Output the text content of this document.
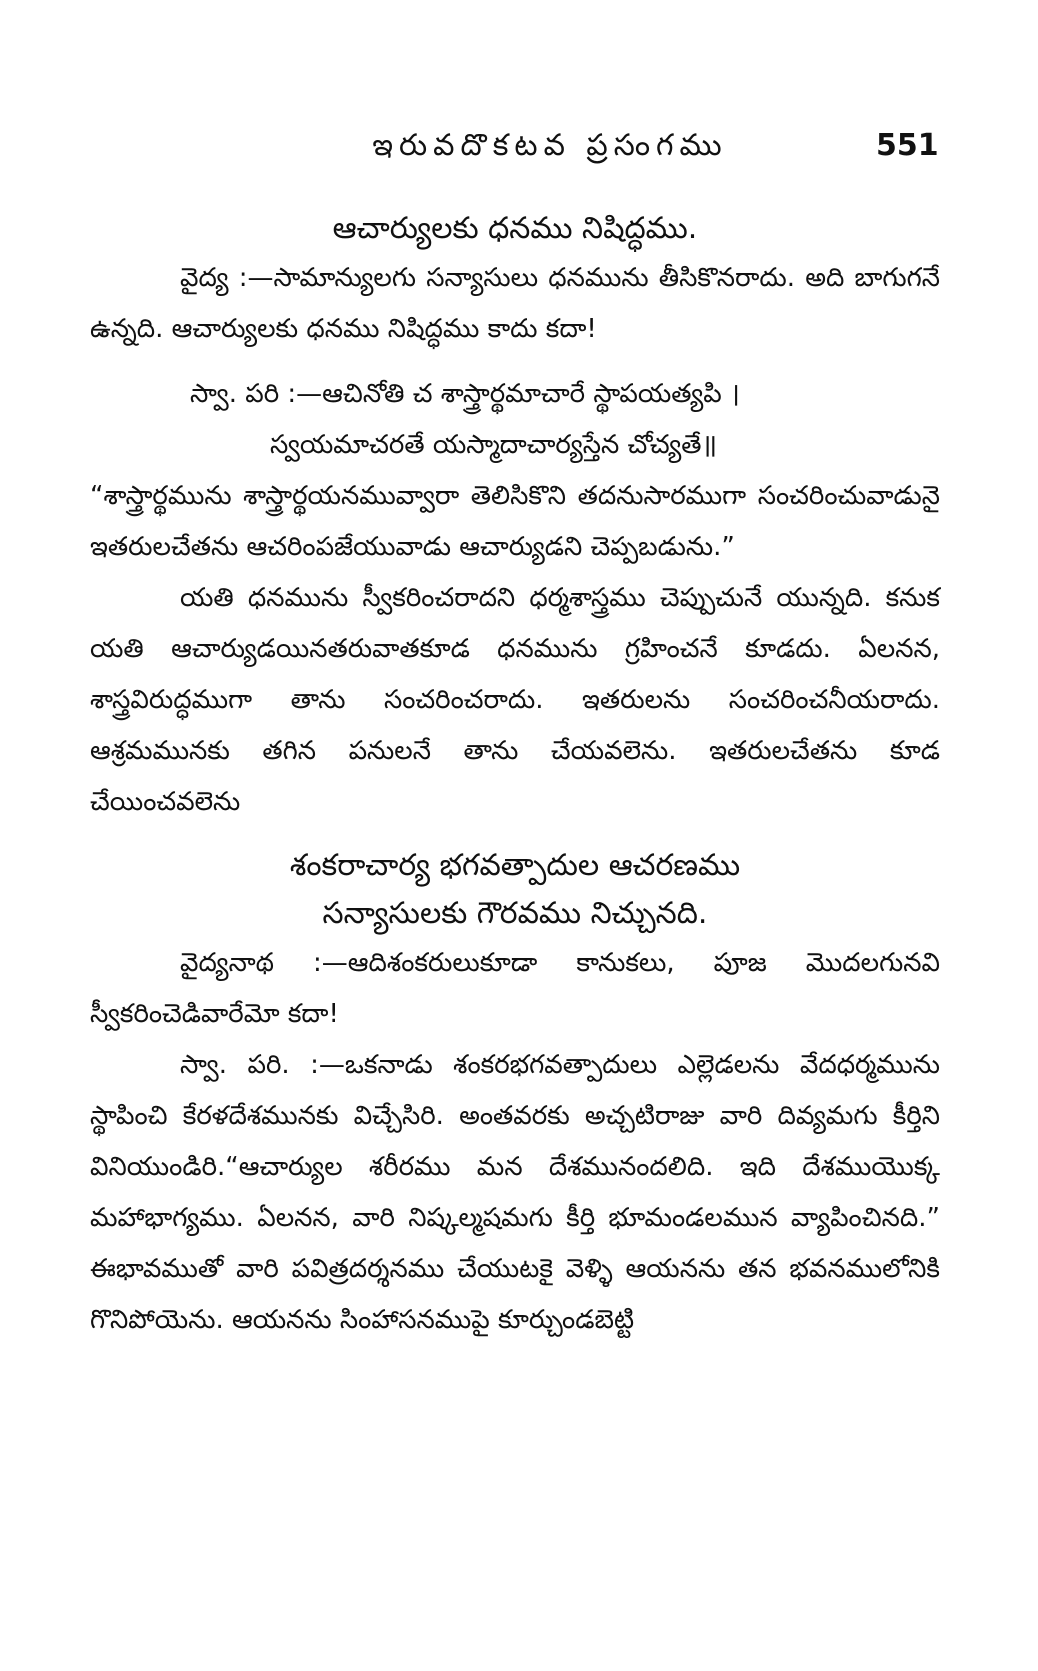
ఇరువదొకటవ ప్రసంగము	551

ఆచార్యులకు ధనము నిషిద్ధము.

వైద్య :—సామాన్యులగు సన్యాసులు ధనమును తీసికొనరాదు. అది బాగుగనే ఉన్నది. ఆచార్యులకు ధనము నిషిద్ధము కాదు కదా!

స్వా. పరి :—ఆచినోతి చ శాస్త్రార్థమాచారే స్థాపయత్యపి ।

స్వయమాచరతే యస్మాదాచార్యస్తేన చోచ్యతే॥

“శాస్త్రార్థమును శాస్త్రార్థయనమువ్వారా తెలిసికొని తదనుసారముగా సంచరించువాడునై ఇతరులచేతను ఆచరింపజేయువాడు ఆచార్యుడని చెప్పబడును.”

యతి ధనమును స్వీకరించరాదని ధర్మశాస్త్రము చెప్పుచునే యున్నది. కనుక యతి ఆచార్యుడయినతరువాతకూడ ధనమును గ్రహించనే కూడదు. ఏలనన, శాస్త్రవిరుద్ధముగా తాను సంచరించరాదు. ఇతరులను సంచరించనీయరాదు. ఆశ్రమమునకు తగిన పనులనే తాను చేయవలెను. ఇతరులచేతను కూడ చేయించవలెను

శంకరాచార్య భగవత్పాదుల ఆచరణము

సన్యాసులకు గౌరవము నిచ్చునది.

వైద్యనాథ :—ఆదిశంకరులుకూడా కానుకలు, పూజ మొదలగునవి స్వీకరించెడివారేమో కదా!

స్వా. పరి. :—ఒకనాడు శంకరభగవత్పాదులు ఎల్లెడలను వేదధర్మమును స్థాపించి కేరళదేశమునకు విచ్చేసిరి. అంతవరకు అచ్చటిరాజు వారి దివ్యమగు కీర్తిని వినియుండిరి.“ఆచార్యుల శరీరము మన దేశమునందలిది. ఇది దేశముయొక్క మహాభాగ్యము. ఏలనన, వారి నిష్కల్మషమగు కీర్తి భూమండలమున వ్యాపించినది.” ఈభావముతో వారి పవిత్రదర్శనము చేయుటకై వెళ్ళి ఆయనను తన భవనములోనికి గొనిపోయెను. ఆయనను సింహాసనముపై కూర్చుండబెట్టి
